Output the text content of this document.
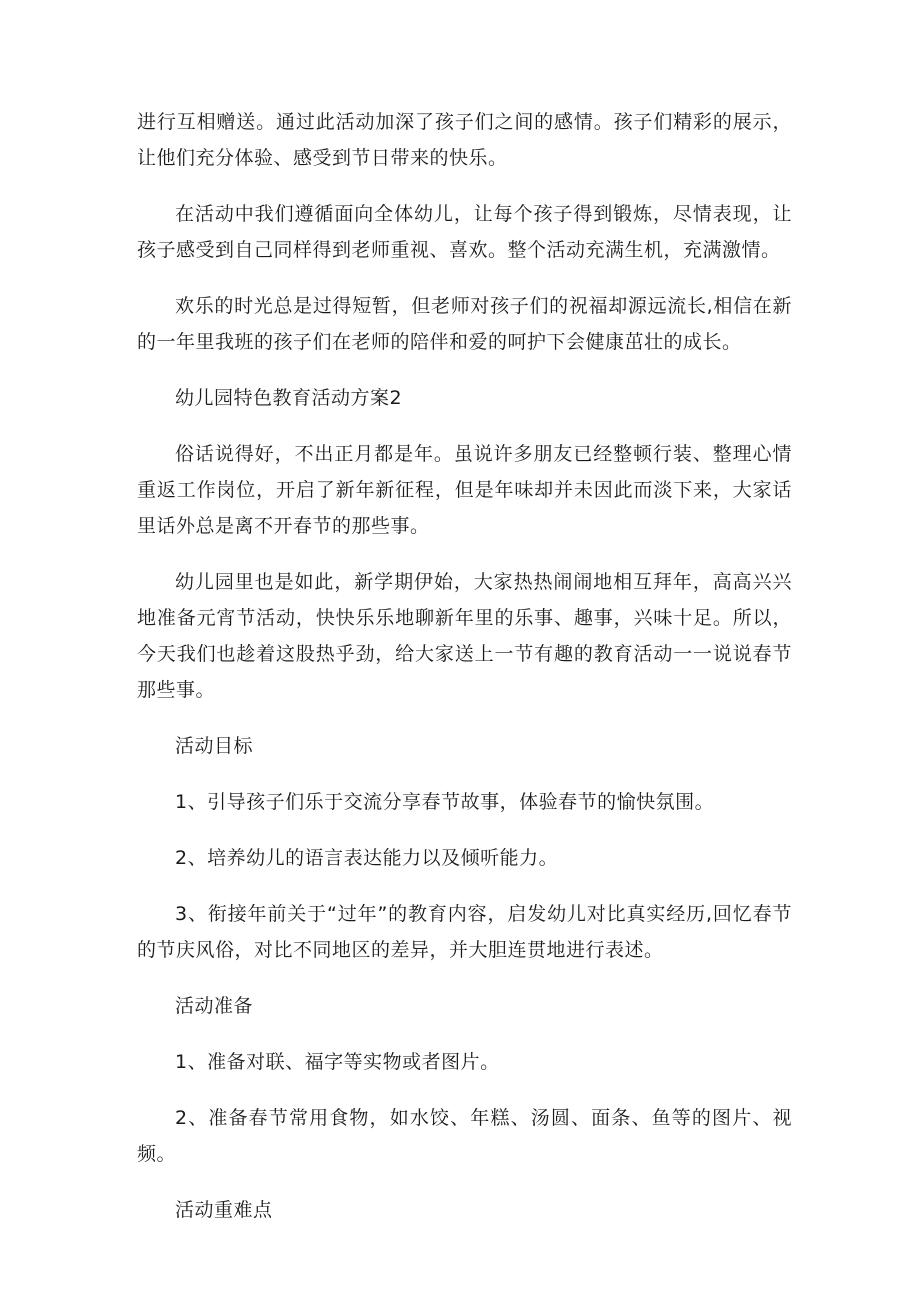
进行互相赠送。通过此活动加深了孩子们之间的感情。孩子们精彩的展示，让他们充分体验、感受到节日带来的快乐。

在活动中我们遵循面向全体幼儿，让每个孩子得到锻炼，尽情表现，让孩子感受到自己同样得到老师重视、喜欢。整个活动充满生机，充满激情。

欢乐的时光总是过得短暂，但老师对孩子们的祝福却源远流长,相信在新的一年里我班的孩子们在老师的陪伴和爱的呵护下会健康茁壮的成长。

幼儿园特色教育活动方案2

俗话说得好，不出正月都是年。虽说许多朋友已经整顿行装、整理心情重返工作岗位，开启了新年新征程，但是年味却并未因此而淡下来，大家话里话外总是离不开春节的那些事。

幼儿园里也是如此，新学期伊始，大家热热闹闹地相互拜年，高高兴兴地准备元宵节活动，快快乐乐地聊新年里的乐事、趣事，兴味十足。所以，今天我们也趁着这股热乎劲，给大家送上一节有趣的教育活动一一说说春节那些事。

活动目标

1、引导孩子们乐于交流分享春节故事，体验春节的愉快氛围。

2、培养幼儿的语言表达能力以及倾听能力。

3、衔接年前关于“过年”的教育内容，启发幼儿对比真实经历,回忆春节的节庆风俗，对比不同地区的差异，并大胆连贯地进行表述。

活动准备

1、准备对联、福字等实物或者图片。

2、准备春节常用食物，如水饺、年糕、汤圆、面条、鱼等的图片、视频。

活动重难点
